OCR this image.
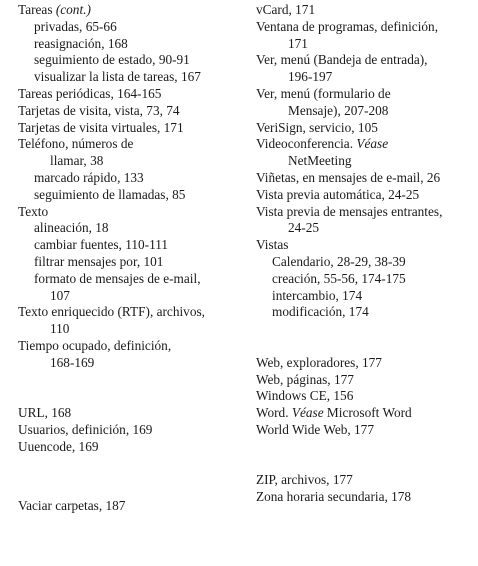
Tareas (cont.)
privadas, 65-66
reasignación, 168
seguimiento de estado, 90-91
visualizar la lista de tareas, 167
Tareas periódicas, 164-165
Tarjetas de visita, vista, 73, 74
Tarjetas de visita virtuales, 171
Teléfono, números de
llamar, 38
marcado rápido, 133
seguimiento de llamadas, 85
Texto
alineación, 18
cambiar fuentes, 110-111
filtrar mensajes por, 101
formato de mensajes de e-mail,
107
Texto enriquecido (RTF), archivos,
110
Tiempo ocupado, definición,
168-169
URL, 168
Usuarios, definición, 169
Uuencode, 169
Vaciar carpetas, 187
vCard, 171
Ventana de programas, definición,
171
Ver, menú (Bandeja de entrada),
196-197
Ver, menú (formulario de
Mensaje), 207-208
VeriSign, servicio, 105
Videoconferencia. Véase
NetMeeting
Viñetas, en mensajes de e-mail, 26
Vista previa automática, 24-25
Vista previa de mensajes entrantes,
24-25
Vistas
Calendario, 28-29, 38-39
creación, 55-56, 174-175
intercambio, 174
modificación, 174
Web, exploradores, 177
Web, páginas, 177
Windows CE, 156
Word. Véase Microsoft Word
World Wide Web, 177
ZIP, archivos, 177
Zona horaria secundaria, 178
